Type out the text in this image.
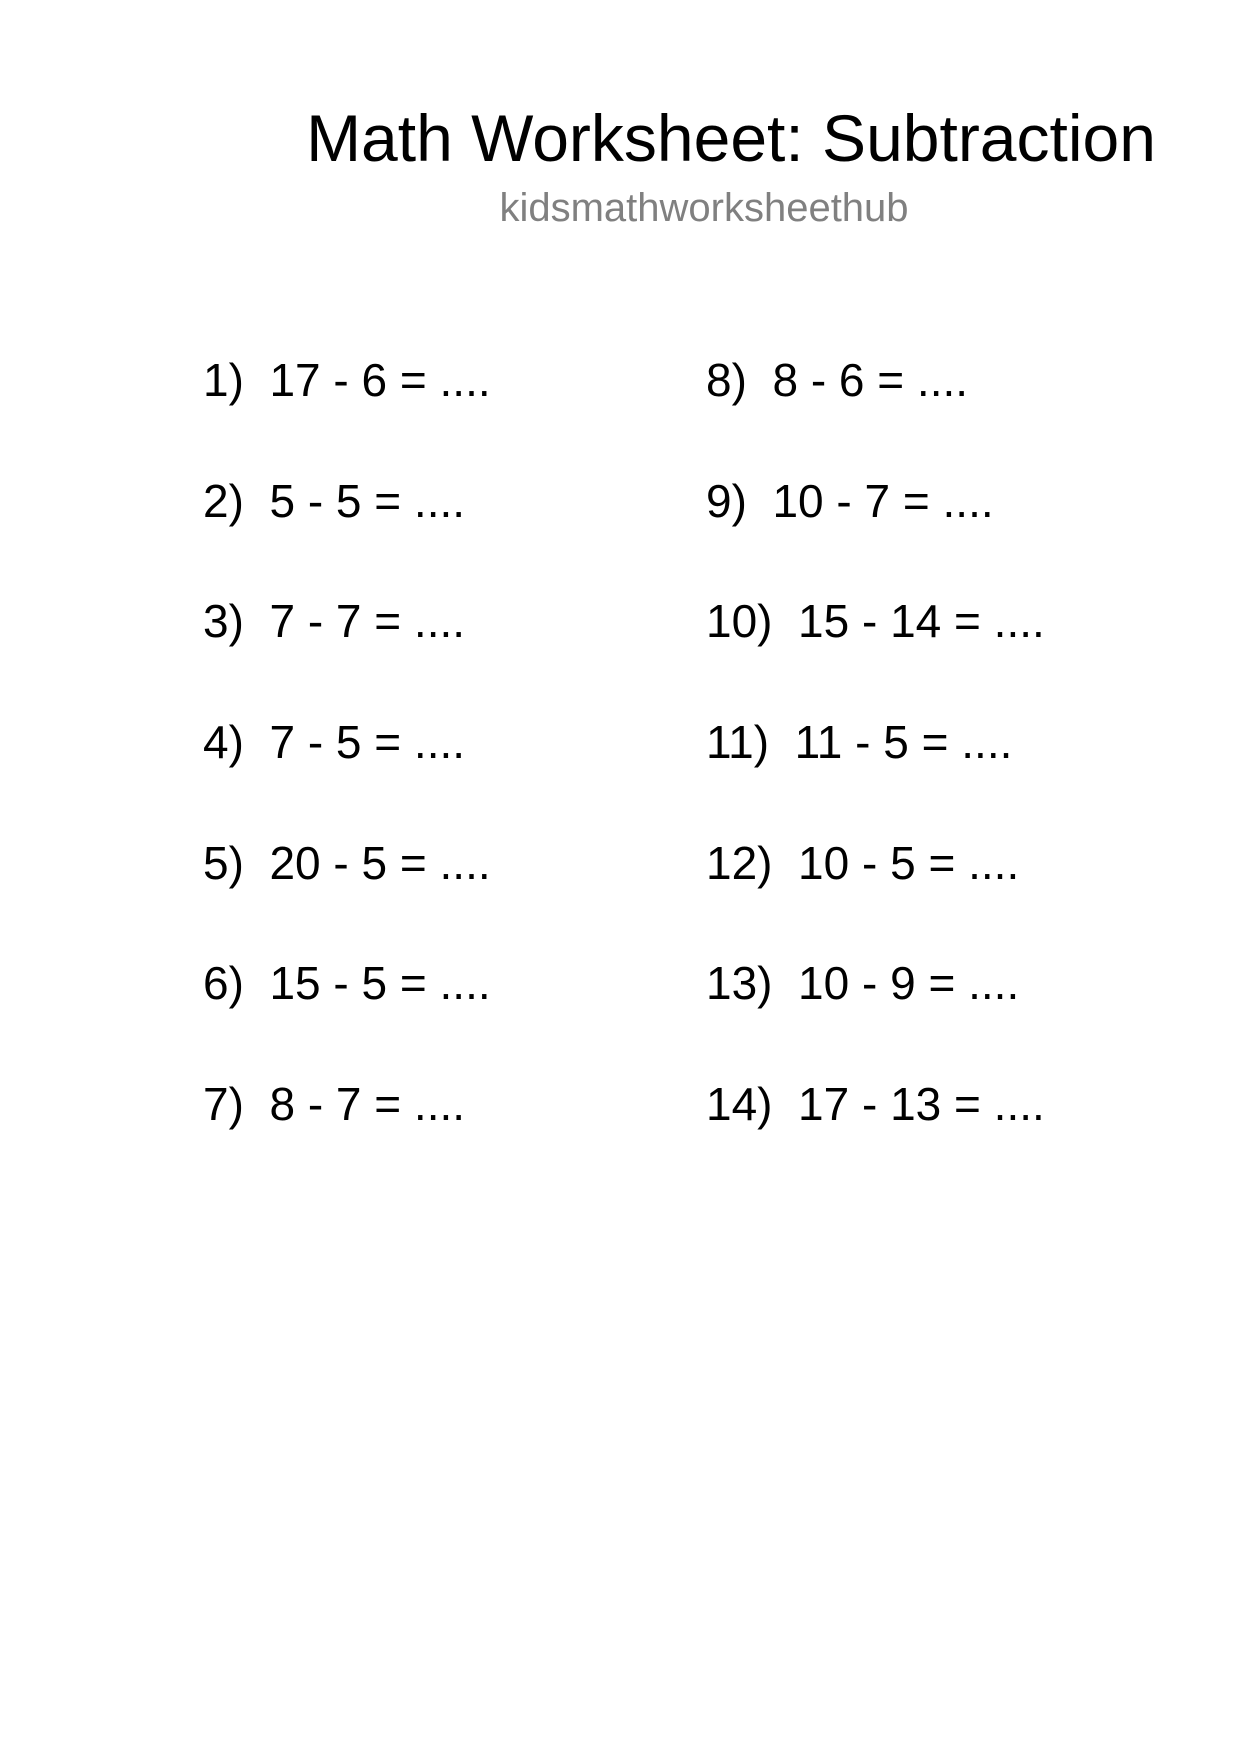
Math Worksheet: Subtraction
kidsmathworksheethub
1)  17 - 6 = ....
2)  5 - 5 = ....
3)  7 - 7 = ....
4)  7 - 5 = ....
5)  20 - 5 = ....
6)  15 - 5 = ....
7)  8 - 7 = ....
8)  8 - 6 = ....
9)  10 - 7 = ....
10)  15 - 14 = ....
11)  11 - 5 = ....
12)  10 - 5 = ....
13)  10 - 9 = ....
14)  17 - 13 = ....
